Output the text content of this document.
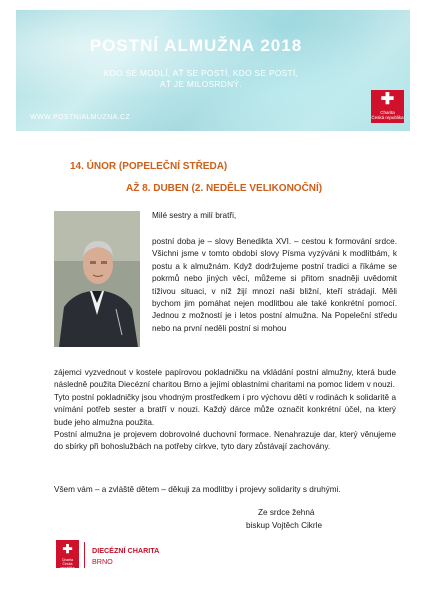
POSTNÍ ALMUŽNA 2018
KDO SE MODLÍ, AŤ SE POSTÍ, KDO SE POSTÍ,
AŤ JE MILOSRDNÝ.
WWW.POSTNIALMUZNA.CZ
✚
Charita
Česká republika
14. ÚNOR (POPELEČNÍ STŘEDA)
AŽ 8. DUBEN (2. NEDĚLE VELIKONOČNÍ)
Milé sestry a milí bratři,
postní doba je – slovy Benedikta XVI. – cestou k formování srdce. Všichni jsme v tomto období slovy Písma vyzýváni k modlitbám, k postu a k almužnám. Když dodržujeme postní tradici a říkáme se pokrmů nebo jiných věcí, můžeme si přitom snadněji uvědomit tíživou situaci, v níž žijí mnozí naši bližní, kteří strádají. Měli bychom jim pomáhat nejen modlitbou ale také konkrétní pomocí. Jednou z možností je i letos postní almužna. Na Popeleční středu nebo na první neděli postní si mohou
zájemci vyzvednout v kostele papírovou pokladničku na vkládání postní almužny, která bude následně použita Diecézní charitou Brno a jejími oblastními charitami na pomoc lidem v nouzi.
Tyto postní pokladničky jsou vhodným prostředkem i pro výchovu dětí v rodinách k solidaritě a vnímání potřeb sester a bratří v nouzi. Každý dárce může označit konkrétní účel, na který bude jeho almužna použita.
Postní almužna je projevem dobrovolné duchovní formace. Nenahrazuje dar, který věnujeme do sbírky při bohoslužbách na potřeby církve, tyto dary zůstávají zachovány.
Všem vám – a zvláště dětem – děkuji za modlitby i projevy solidarity s druhými.
Ze srdce žehná
biskup Vojtěch Cikrle
✚
Charita
Česká republika
DIECÉZNÍ CHARITA
BRNO
